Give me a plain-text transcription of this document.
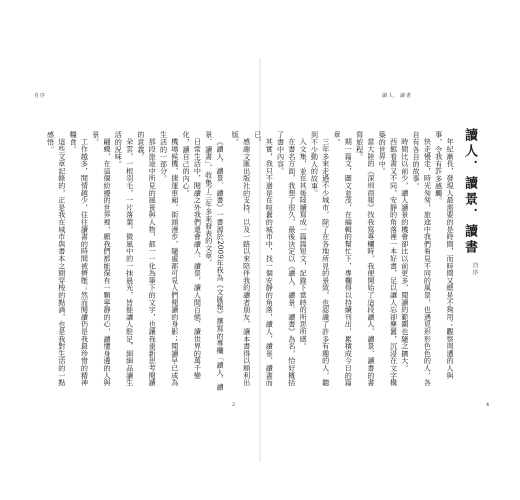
自序

《讀人．讀景．讀書》一書源於2009年我為《文匯報》撰寫的專欄「讀人．讀景．讀書」，收集了三年多來發表的文章。

日常生活中，閱讀之外我們還會讀人、讀景，讀人間百態，讀世界的萬千變化，讀自己的內心。

機場候機、捷運車廂、街頭漫步，隨處都可見人們閱讀的身影；閱讀早已成為生活的一部分。

那段旅途中所見的風景與人物，都一一化為筆下的文字，也讓我重新思考閱讀的意義。

朵雲，一根羽毛，一片落葉，微風中的一抹晨光，皆能讓人駐足，細細品讀生活的況味。

翩蝶，在這個紛擾的世界裡，願我們都能保有一顆寧靜的心，讀懂身邊的人與景。

工作越多，閒情越少，往往讀書的時間被擠壓；然而閱讀仍是我最珍惜的精神糧食。

這些文章記錄的，正是我在城市與書本之間穿梭的點滴，也是我對生活的一點感悟。

2
讀人．讀書
自序
讀人．讀景．讀書

年紀漸長，發現人最需要的是時間，而時間又總是不夠用；觀察周遭的人與事，令我有許多感觸。

快走慢走，時光匆匆，旅途中我們看見不同的風景，也遇見形形色色的人，各自有各自的故事。

時間比以前少，讀人讀景的機會卻比以前更多，閱讀的範圍也隨之擴大。

西館看書又不同，安靜的角落裡一本好書，足以讓人忘卻塵囂，沉浸在文字構築的世界中。

當大陸的《深圳商報》找我寫專欄時，我便開始了這段讀人、讀景、讀書的書寫旅程。

期一篇文，圖文並茂，在編輯的幫忙下，專欄得以持續刊出，累積成今日的篇章。

三年多來走過不少城市，除了在各地所見的景致，也認識了許多有趣的人，聽到不少動人的故事。

入文集，並在其後陸續寫成一篇篇短文，記錄下當時的所思所感。

在書名方面，我想了很久，最後決定以《讀人．讀景．讀書》為名，恰好概括了書中內容。

其實，我只不過是在喧囂的城市中，找一個安靜的角落，讀人、讀景、讀書而已。

感謝文匯出版社的支持，以及一路以來陪伴我的讀者朋友，讓本書得以順利出版。

4
